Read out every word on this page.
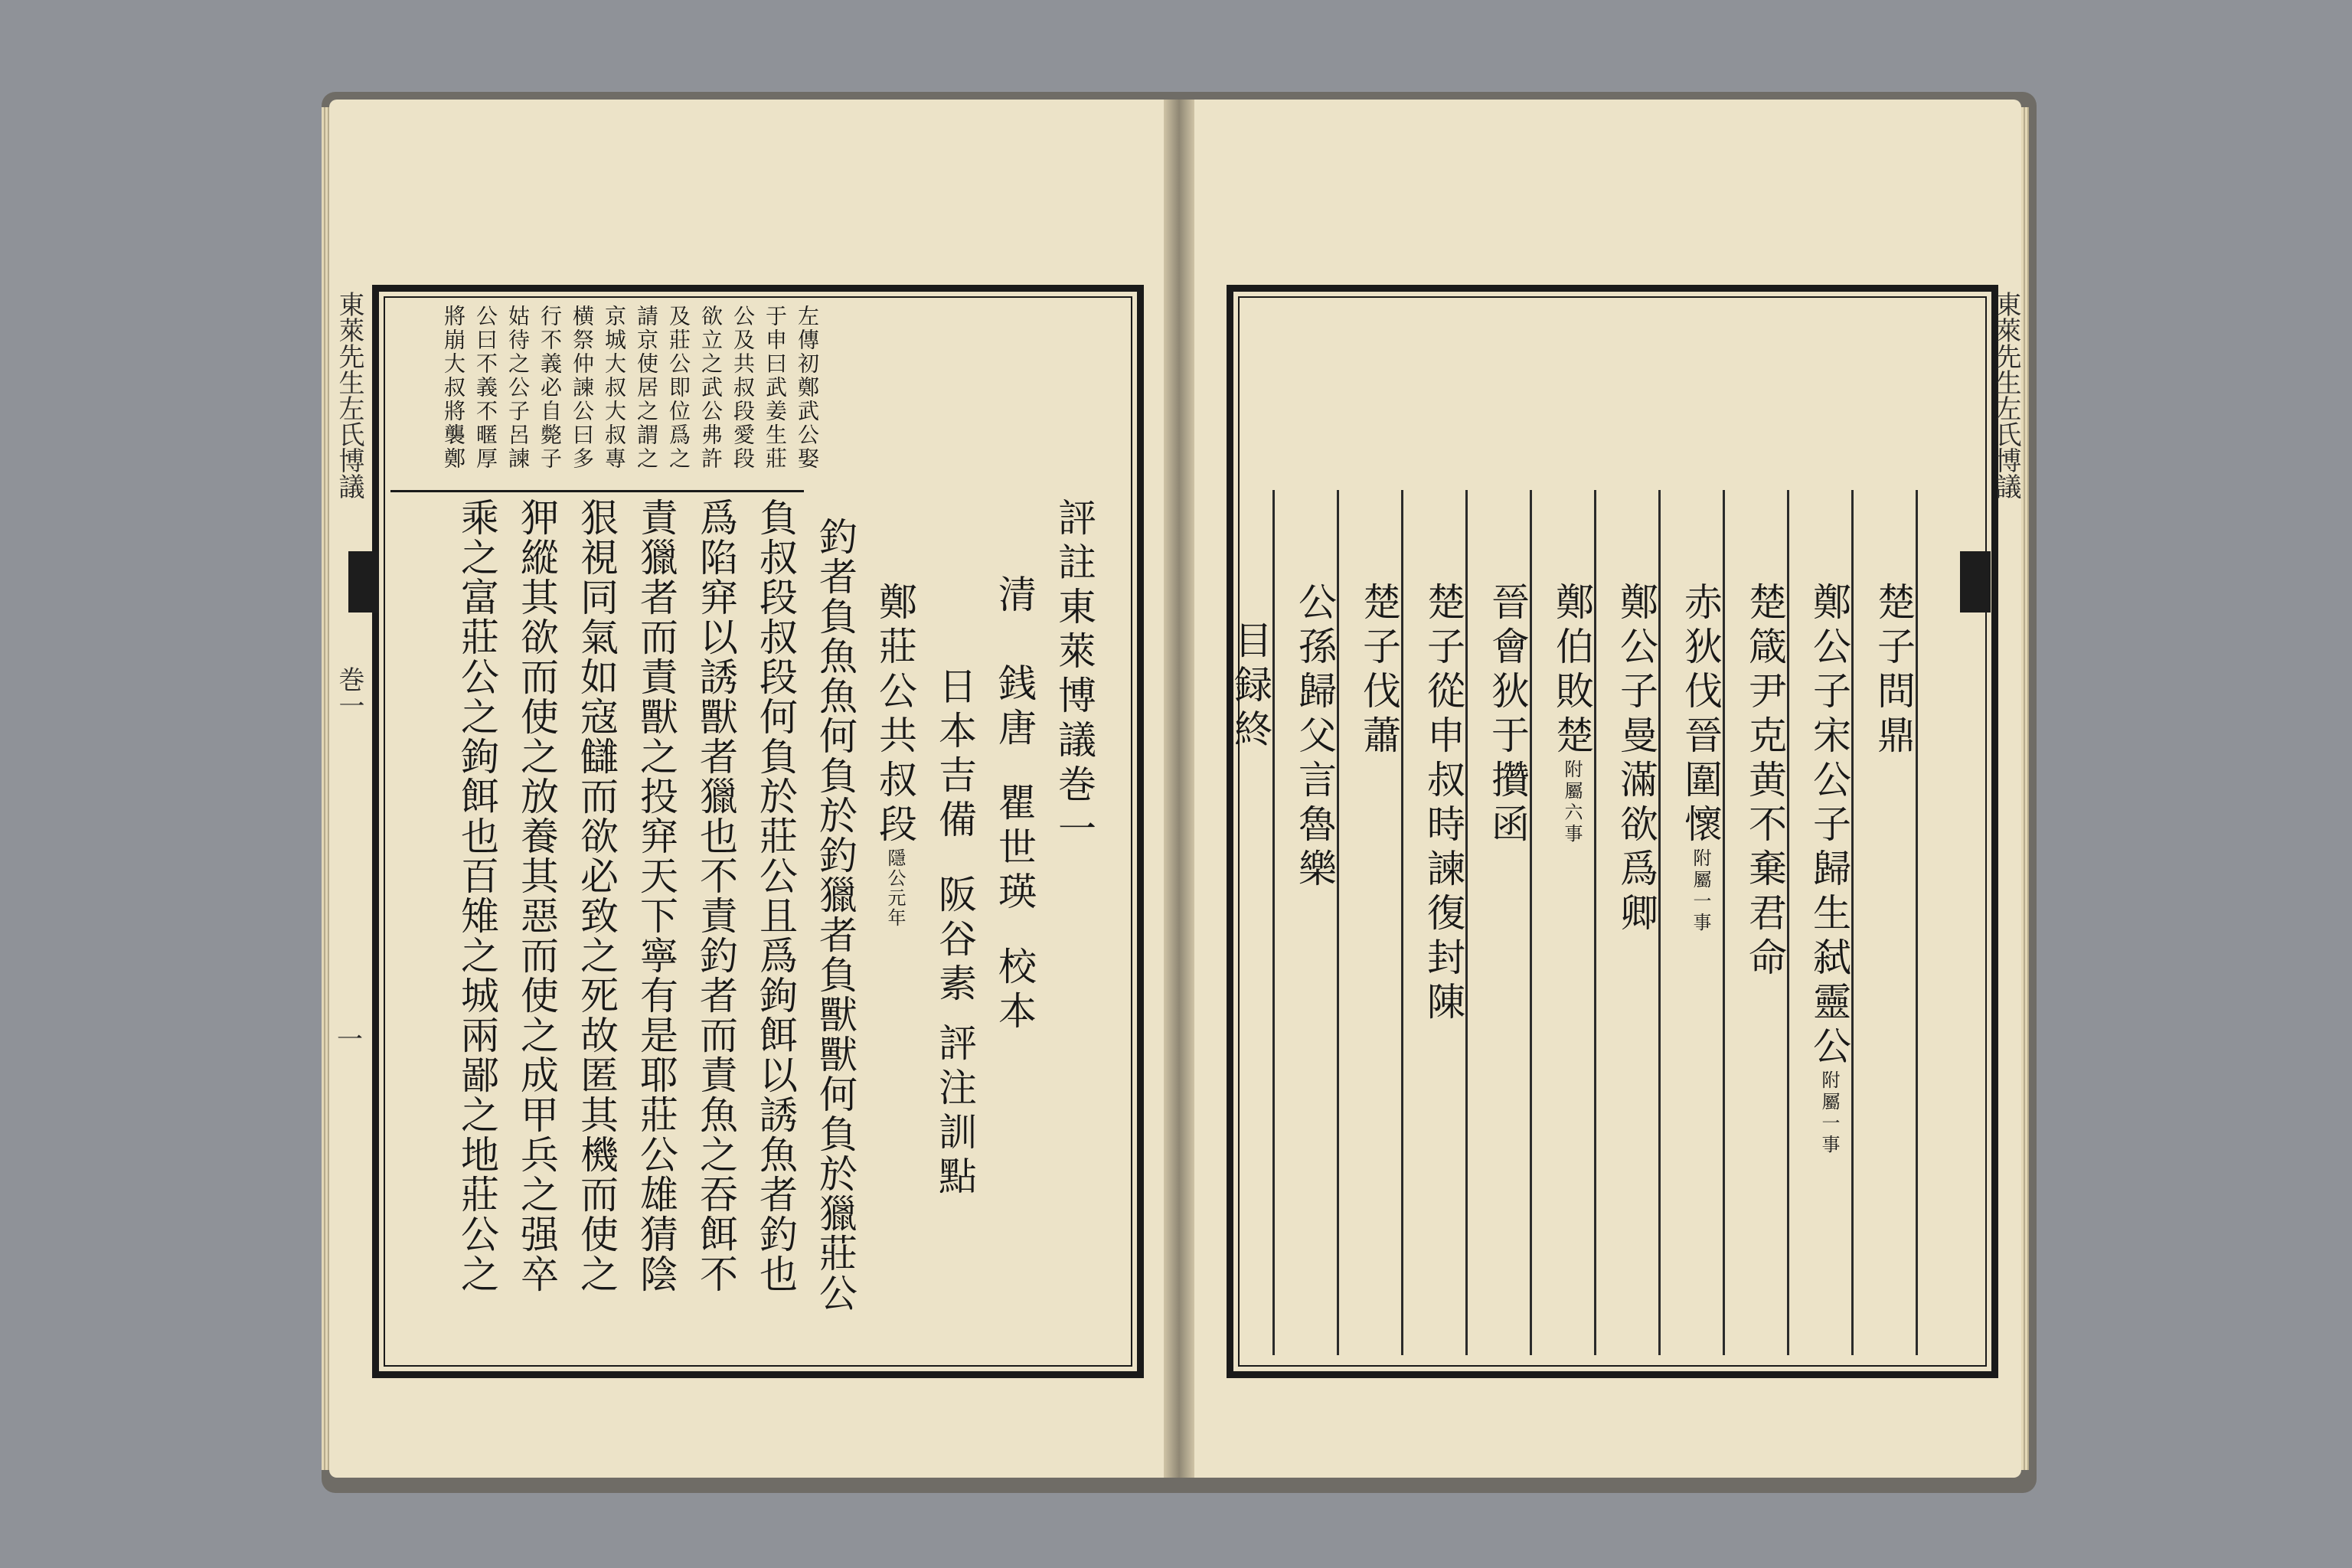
東萊先生左氏博議
巻一
一
左傳初鄭武公娶
于申曰武姜生莊
公及共叔段愛段
欲立之武公弗許
及莊公即位爲之
請京使居之謂之
京城大叔大叔專
横祭仲諫公曰多
行不義必自斃子
姑待之公子呂諫
公曰不義不暱厚
將崩大叔將襲鄭
評註東萊博議巻一
清　銭唐瞿世瑛校本
日本吉備阪谷素評注訓點
鄭莊公共叔段隱公元年
釣者負魚魚何負於釣獵者負獸獸何負於獵莊公
負叔段叔段何負於莊公且爲鉤餌以誘魚者釣也
爲陷穽以誘獸者獵也不責釣者而責魚之吞餌不
責獵者而責獸之投穽天下寧有是耶莊公雄猜陰
狠視同氣如寇讎而欲必致之死故匿其機而使之
狎縱其欲而使之放養其惡而使之成甲兵之强卒
乘之富莊公之鉤餌也百雉之城兩鄙之地莊公之
東萊先生左氏博議
楚子問鼎
鄭公子宋公子歸生弑靈公附屬一事
楚箴尹克黄不棄君命
赤狄伐晉圍懷附屬一事
鄭公子曼滿欲爲卿
鄭伯敗楚附屬六事
晉會狄于攢函
楚子從申叔時諫復封陳
楚子伐蕭
公孫歸父言魯樂
目録終
